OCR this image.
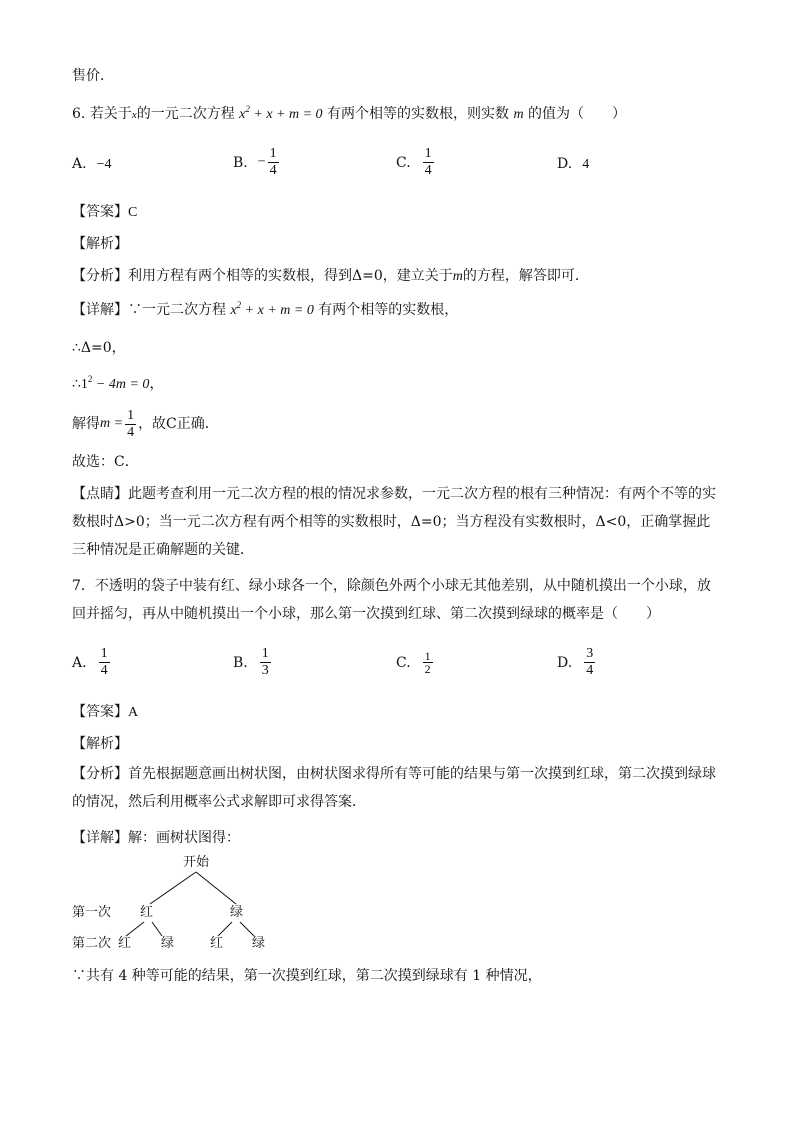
售价．
6. 若关于x的一元二次方程 $x^2 + x + m = 0$ 有两个相等的实数根，则实数 m 的值为（　　）
A. −4	B. − $\frac{1}{4}$	C. $\frac{1}{4}$	D. 4
【答案】C
【解析】
【分析】利用方程有两个相等的实数根，得到Δ=0，建立关于m的方程，解答即可．
【详解】∵一元二次方程 $x^2 + x + m = 0$ 有两个相等的实数根，
∴Δ=0，
$\therefore 1^2 - 4m = 0$，
解得$m = \frac{1}{4}$ ，故C正确．
故选：C．
【点睛】此题考查利用一元二次方程的根的情况求参数，一元二次方程的根有三种情况：有两个不等的实数根时Δ>0；当一元二次方程有两个相等的实数根时，Δ=0；当方程没有实数根时，Δ<0，正确掌握此三种情况是正确解题的关键．
7．不透明的袋子中装有红、绿小球各一个，除颜色外两个小球无其他差别，从中随机摸出一个小球，放回并摇匀，再从中随机摸出一个小球，那么第一次摸到红球、第二次摸到绿球的概率是（　　）
A. $\frac{1}{4}$	B. $\frac{1}{3}$	C. $\frac{1}{2}$	D. $\frac{3}{4}$
【答案】A
【解析】
【分析】首先根据题意画出树状图，由树状图求得所有等可能的结果与第一次摸到红球，第二次摸到绿球的情况，然后利用概率公式求解即可求得答案．
【详解】解：画树状图得：
开始
第一次 红	绿
第二次 红 绿	红 绿
∵共有 4 种等可能的结果，第一次摸到红球，第二次摸到绿球有 1 种情况，
